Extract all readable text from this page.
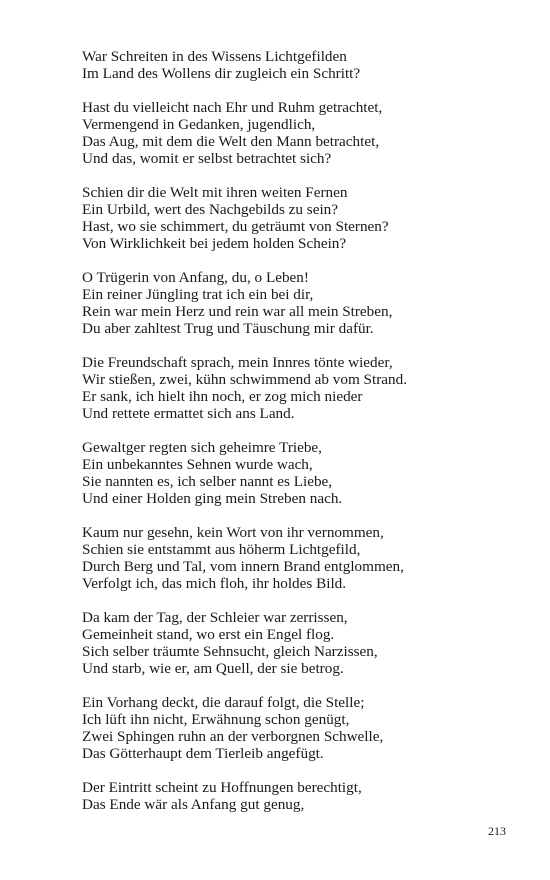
War Schreiten in des Wissens Lichtgefilden
Im Land des Wollens dir zugleich ein Schritt?
Hast du vielleicht nach Ehr und Ruhm getrachtet,
Vermengend in Gedanken, jugendlich,
Das Aug, mit dem die Welt den Mann betrachtet,
Und das, womit er selbst betrachtet sich?
Schien dir die Welt mit ihren weiten Fernen
Ein Urbild, wert des Nachgebilds zu sein?
Hast, wo sie schimmert, du geträumt von Sternen?
Von Wirklichkeit bei jedem holden Schein?
O Trügerin von Anfang, du, o Leben!
Ein reiner Jüngling trat ich ein bei dir,
Rein war mein Herz und rein war all mein Streben,
Du aber zahltest Trug und Täuschung mir dafür.
Die Freundschaft sprach, mein Innres tönte wieder,
Wir stießen, zwei, kühn schwimmend ab vom Strand.
Er sank, ich hielt ihn noch, er zog mich nieder
Und rettete ermattet sich ans Land.
Gewaltger regten sich geheimre Triebe,
Ein unbekanntes Sehnen wurde wach,
Sie nannten es, ich selber nannt es Liebe,
Und einer Holden ging mein Streben nach.
Kaum nur gesehn, kein Wort von ihr vernommen,
Schien sie entstammt aus höherm Lichtgefild,
Durch Berg und Tal, vom innern Brand entglommen,
Verfolgt ich, das mich floh, ihr holdes Bild.
Da kam der Tag, der Schleier war zerrissen,
Gemeinheit stand, wo erst ein Engel flog.
Sich selber träumte Sehnsucht, gleich Narzissen,
Und starb, wie er, am Quell, der sie betrog.
Ein Vorhang deckt, die darauf folgt, die Stelle;
Ich lüft ihn nicht, Erwähnung schon genügt,
Zwei Sphingen ruhn an der verborgnen Schwelle,
Das Götterhaupt dem Tierleib angefügt.
Der Eintritt scheint zu Hoffnungen berechtigt,
Das Ende wär als Anfang gut genug,
213
